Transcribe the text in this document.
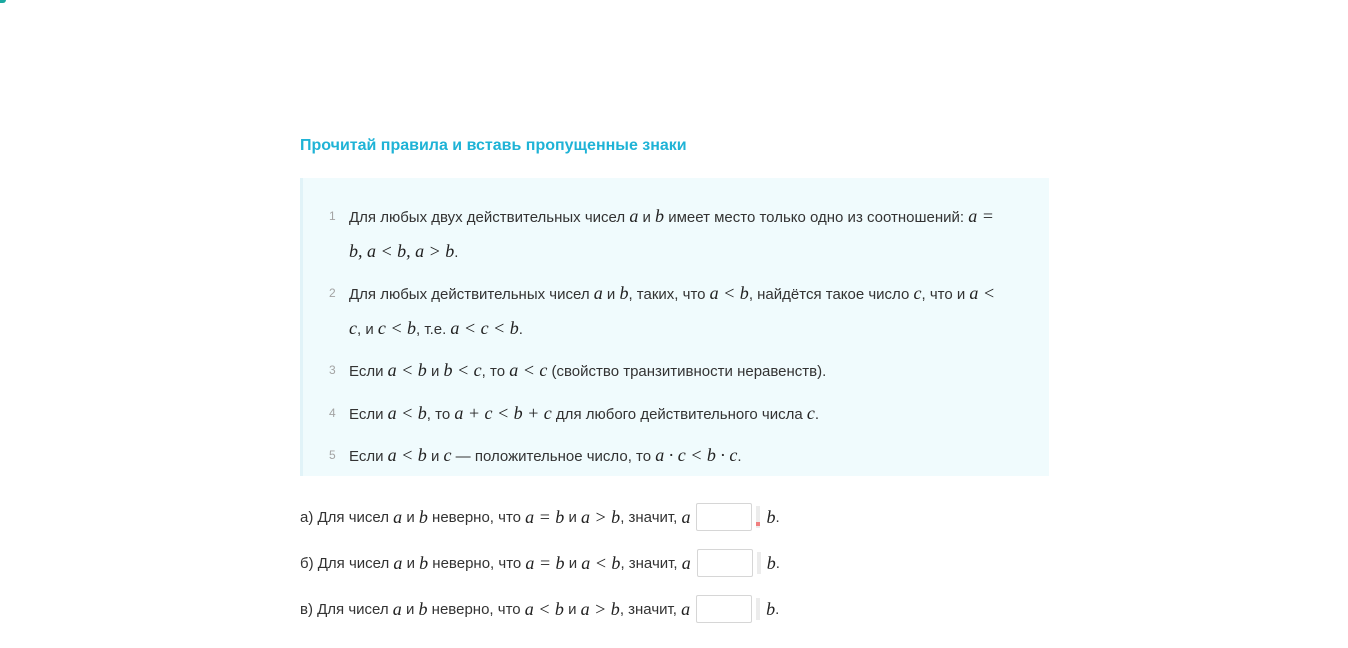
Прочитай правила и вставь пропущенные знаки
1 Для любых двух действительных чисел a и b имеет место только одно из соотношений: a =
b, a < b, a > b.
2 Для любых действительных чисел a и b, таких, что a < b, найдётся такое число c, что и a <
c, и c < b, т.е. a < c < b.
3 Если a < b и b < c, то a < c (свойство транзитивности неравенств).
4 Если a < b, то a + c < b + c для любого действительного числа c.
5 Если a < b и c — положительное число, то a · c < b · c.
а) Для чисел a и b неверно, что a = b и a > b , значит, a	b .
б) Для чисел a и b неверно, что a = b и a < b , значит, a	b .
в) Для чисел a и b неверно, что a < b и a > b , значит, a	b .
